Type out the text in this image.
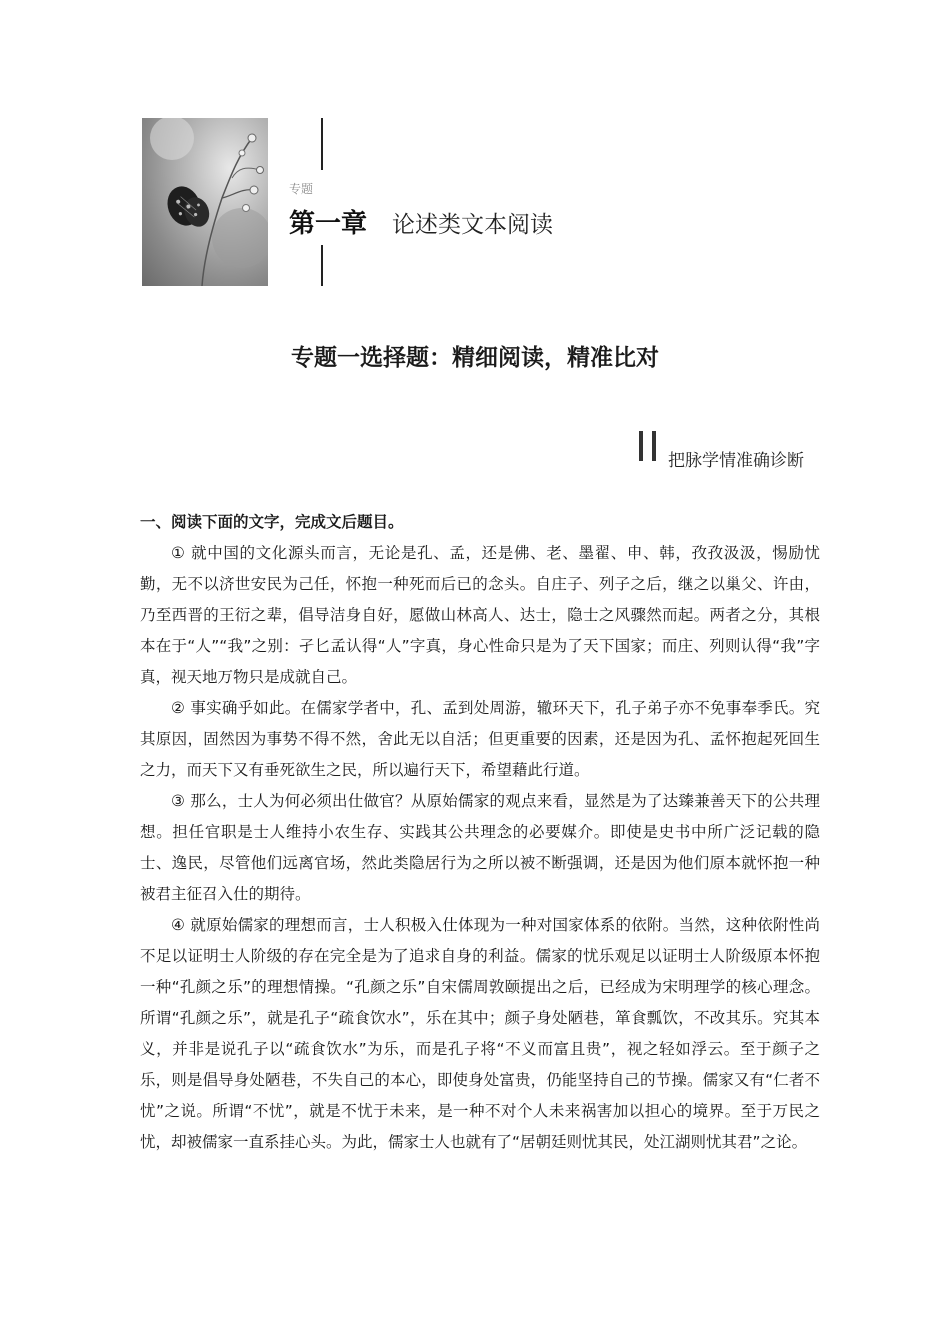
专题
第一章 论述类文本阅读
专题一选择题：精细阅读，精准比对
把脉学情准确诊断

一、阅读下面的文字，完成文后题目。

① 就中国的文化源头而言，无论是孔、孟，还是佛、老、墨翟、申、韩，孜孜汲汲，惕励忧勤，无不以济世安民为己任，怀抱一种死而后已的念头。自庄子、列子之后，继之以巢父、许由，乃至西晋的王衍之辈，倡导洁身自好，愿做山林高人、达士，隐士之风骤然而起。两者之分，其根本在于“人”“我”之别：孑匕孟认得“人”字真，身心性命只是为了天下国家；而庄、列则认得“我”字真，视天地万物只是成就自己。

② 事实确乎如此。在儒家学者中，孔、孟到处周游，辙环天下，孔子弟子亦不免事奉季氏。究其原因，固然因为事势不得不然，舍此无以自活；但更重要的因素，还是因为孔、孟怀抱起死回生之力，而天下又有垂死欲生之民，所以遍行天下，希望藉此行道。

③ 那么，士人为何必须出仕做官？从原始儒家的观点来看，显然是为了达臻兼善天下的公共理想。担任官职是士人维持小农生存、实践其公共理念的必要媒介。即使是史书中所广泛记载的隐士、逸民，尽管他们远离官场，然此类隐居行为之所以被不断强调，还是因为他们原本就怀抱一种被君主征召入仕的期待。

④ 就原始儒家的理想而言，士人积极入仕体现为一种对国家体系的依附。当然，这种依附性尚不足以证明士人阶级的存在完全是为了追求自身的利益。儒家的忧乐观足以证明士人阶级原本怀抱一种“孔颜之乐”的理想情操。“孔颜之乐”自宋儒周敦颐提出之后，已经成为宋明理学的核心理念。所谓“孔颜之乐”，就是孔子“疏食饮水”，乐在其中；颜子身处陋巷，箪食瓢饮，不改其乐。究其本义，并非是说孔子以“疏食饮水”为乐，而是孔子将“不义而富且贵”，视之轻如浮云。至于颜子之乐，则是倡导身处陋巷，不失自己的本心，即使身处富贵，仍能坚持自己的节操。儒家又有“仁者不忧”之说。所谓“不忧”，就是不忧于未来，是一种不对个人未来祸害加以担心的境界。至于万民之忧，却被儒家一直系挂心头。为此，儒家士人也就有了“居朝廷则忧其民，处江湖则忧其君”之论。
